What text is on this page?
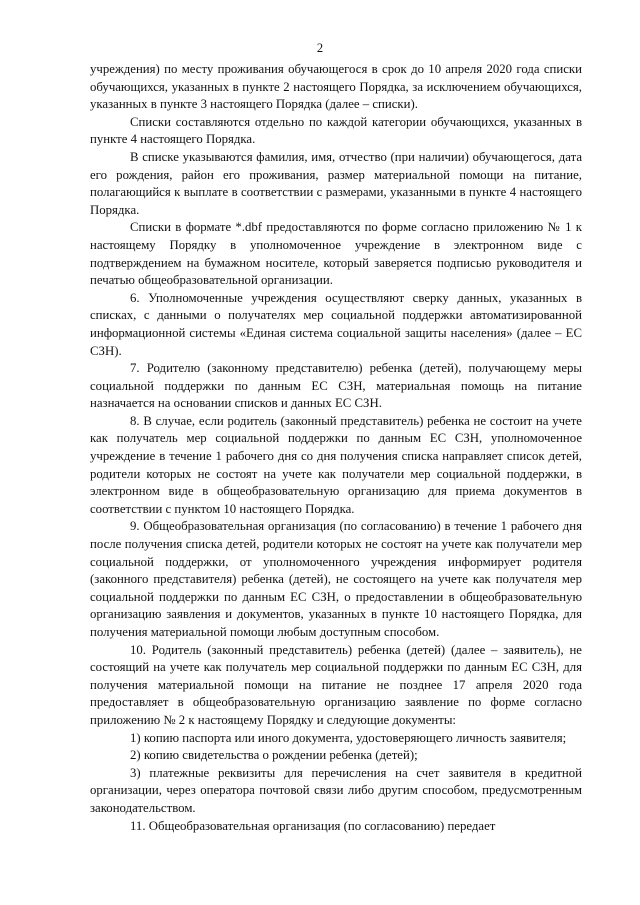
2

учреждения) по месту проживания обучающегося в срок до 10 апреля 2020 года списки обучающихся, указанных в пункте 2 настоящего Порядка, за исключением обучающихся, указанных в пункте 3 настоящего Порядка (далее – списки).

Списки составляются отдельно по каждой категории обучающихся, указанных в пункте 4 настоящего Порядка.

В списке указываются фамилия, имя, отчество (при наличии) обучающегося, дата его рождения, район его проживания, размер материальной помощи на питание, полагающийся к выплате в соответствии с размерами, указанными в пункте 4 настоящего Порядка.

Списки в формате *.dbf предоставляются по форме согласно приложению № 1 к настоящему Порядку в уполномоченное учреждение в электронном виде с подтверждением на бумажном носителе, который заверяется подписью руководителя и печатью общеобразовательной организации.

6. Уполномоченные учреждения осуществляют сверку данных, указанных в списках, с данными о получателях мер социальной поддержки автоматизированной информационной системы «Единая система социальной защиты населения» (далее – ЕС СЗН).

7. Родителю (законному представителю) ребенка (детей), получающему меры социальной поддержки по данным ЕС СЗН, материальная помощь на питание назначается на основании списков и данных ЕС СЗН.

8. В случае, если родитель (законный представитель) ребенка не состоит на учете как получатель мер социальной поддержки по данным ЕС СЗН, уполномоченное учреждение в течение 1 рабочего дня со дня получения списка направляет список детей, родители которых не состоят на учете как получатели мер социальной поддержки, в электронном виде в общеобразовательную организацию для приема документов в соответствии с пунктом 10 настоящего Порядка.

9. Общеобразовательная организация (по согласованию) в течение 1 рабочего дня после получения списка детей, родители которых не состоят на учете как получатели мер социальной поддержки, от уполномоченного учреждения информирует родителя (законного представителя) ребенка (детей), не состоящего на учете как получателя мер социальной поддержки по данным ЕС СЗН, о предоставлении в общеобразовательную организацию заявления и документов, указанных в пункте 10 настоящего Порядка, для получения материальной помощи любым доступным способом.

10. Родитель (законный представитель) ребенка (детей) (далее – заявитель), не состоящий на учете как получатель мер социальной поддержки по данным ЕС СЗН, для получения материальной помощи на питание не позднее 17 апреля 2020 года предоставляет в общеобразовательную организацию заявление по форме согласно приложению № 2 к настоящему Порядку и следующие документы:

1) копию паспорта или иного документа, удостоверяющего личность заявителя;

2) копию свидетельства о рождении ребенка (детей);

3) платежные реквизиты для перечисления на счет заявителя в кредитной организации, через оператора почтовой связи либо другим способом, предусмотренным законодательством.

11. Общеобразовательная организация (по согласованию) передает
